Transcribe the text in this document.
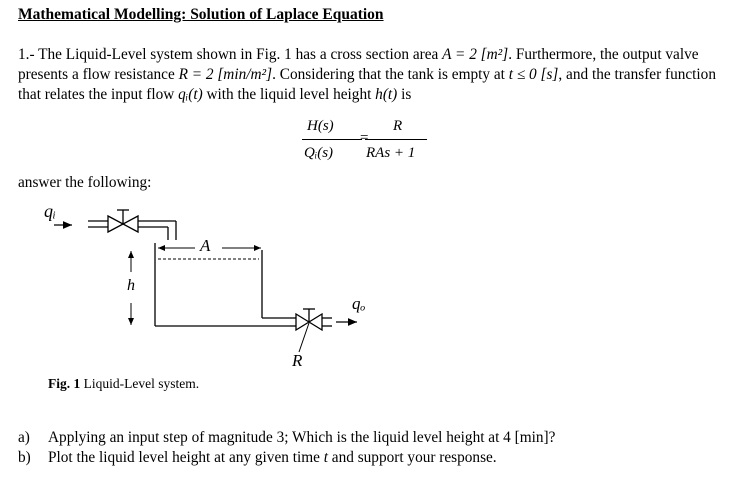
Mathematical Modelling: Solution of Laplace Equation
1.- The Liquid-Level system shown in Fig. 1 has a cross section area A = 2 [m²]. Furthermore, the output valve presents a flow resistance R = 2 [min/m²]. Considering that the tank is empty at t ≤ 0 [s], and the transfer function that relates the input flow qᵢ(t) with the liquid level height h(t) is
H(s)
Qᵢ(s)
=
R
RAs + 1
answer the following:
qᵢ
A
h
qₒ
R
Fig. 1 Liquid-Level system.
a) Applying an input step of magnitude 3; Which is the liquid level height at 4 [min]?
b) Plot the liquid level height at any given time t and support your response.
